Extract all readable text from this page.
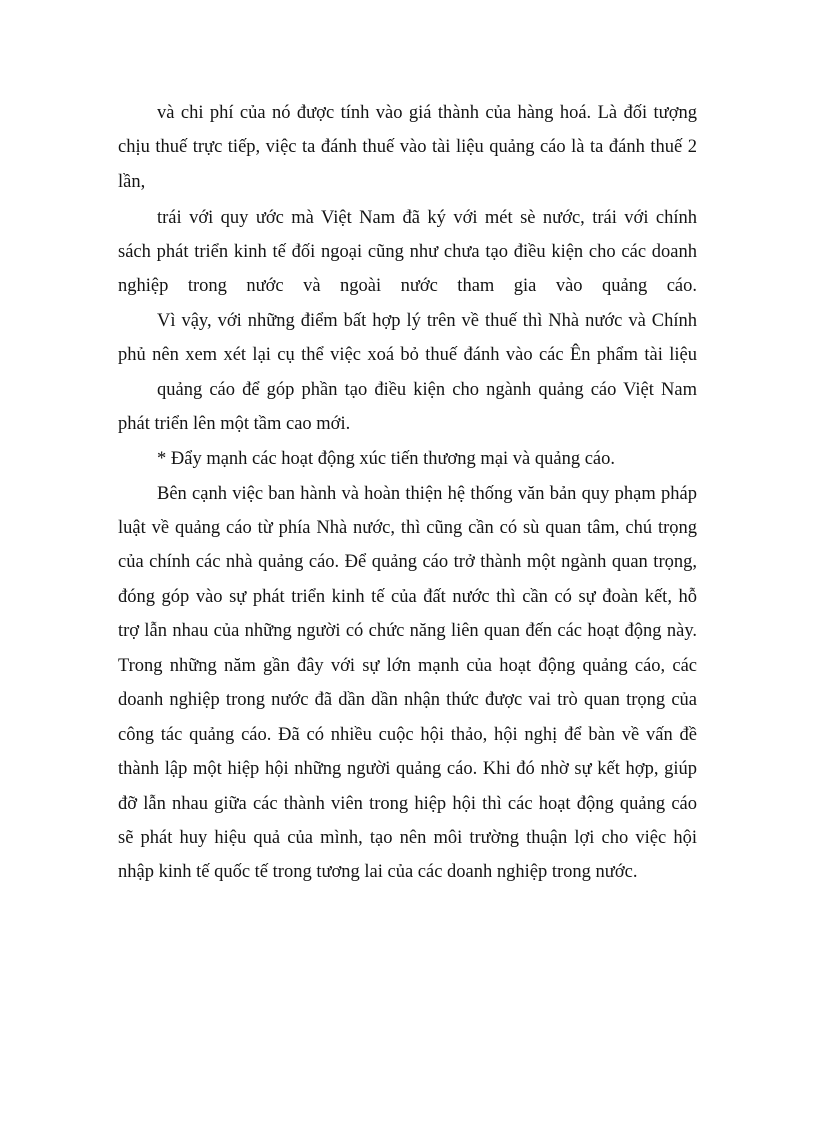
và chi phí của nó được tính vào giá thành của hàng hoá. Là đối tượng

chịu thuế trực tiếp, việc ta đánh thuế vào tài liệu quảng cáo là ta đánh thuế 2

lần,

trái với quy ước mà Việt Nam đã ký với mét sè nước, trái với chính

sách phát triển kinh tế đối ngoại cũng như chưa tạo điều kiện cho các doanh

nghiệp trong nước và ngoài nước tham gia vào quảng cáo.

Vì vậy, với những điểm bất hợp lý trên về thuế thì Nhà nước và Chính

phủ nên xem xét lại cụ thể việc xoá bỏ thuế đánh vào các Ên phẩm tài liệu

quảng cáo để góp phần tạo điều kiện cho ngành quảng cáo Việt Nam

phát triển lên một tầm cao mới.

* Đẩy mạnh các hoạt động xúc tiến thương mại và quảng cáo.

Bên cạnh việc ban hành và hoàn thiện hệ thống văn bản quy phạm pháp

luật về quảng cáo từ phía Nhà nước, thì cũng cần có sù quan tâm, chú trọng

của chính các nhà quảng cáo. Để quảng cáo trở thành một ngành quan trọng,

đóng góp vào sự phát triển kinh tế của đất nước thì cần có sự đoàn kết, hỗ

trợ lẫn nhau của những người có chức năng liên quan đến các hoạt động này.

Trong những năm gần đây với sự lớn mạnh của hoạt động quảng cáo, các

doanh nghiệp trong nước đã dần dần nhận thức được vai trò quan trọng của

công tác quảng cáo. Đã có nhiều cuộc hội thảo, hội nghị để bàn về vấn đề

thành lập một hiệp hội những người quảng cáo. Khi đó nhờ sự kết hợp, giúp

đỡ lẫn nhau giữa các thành viên trong hiệp hội thì các hoạt động quảng cáo

sẽ phát huy hiệu quả của mình, tạo nên môi trường thuận lợi cho việc hội

nhập kinh tế quốc tế trong tương lai của các doanh nghiệp trong nước.
